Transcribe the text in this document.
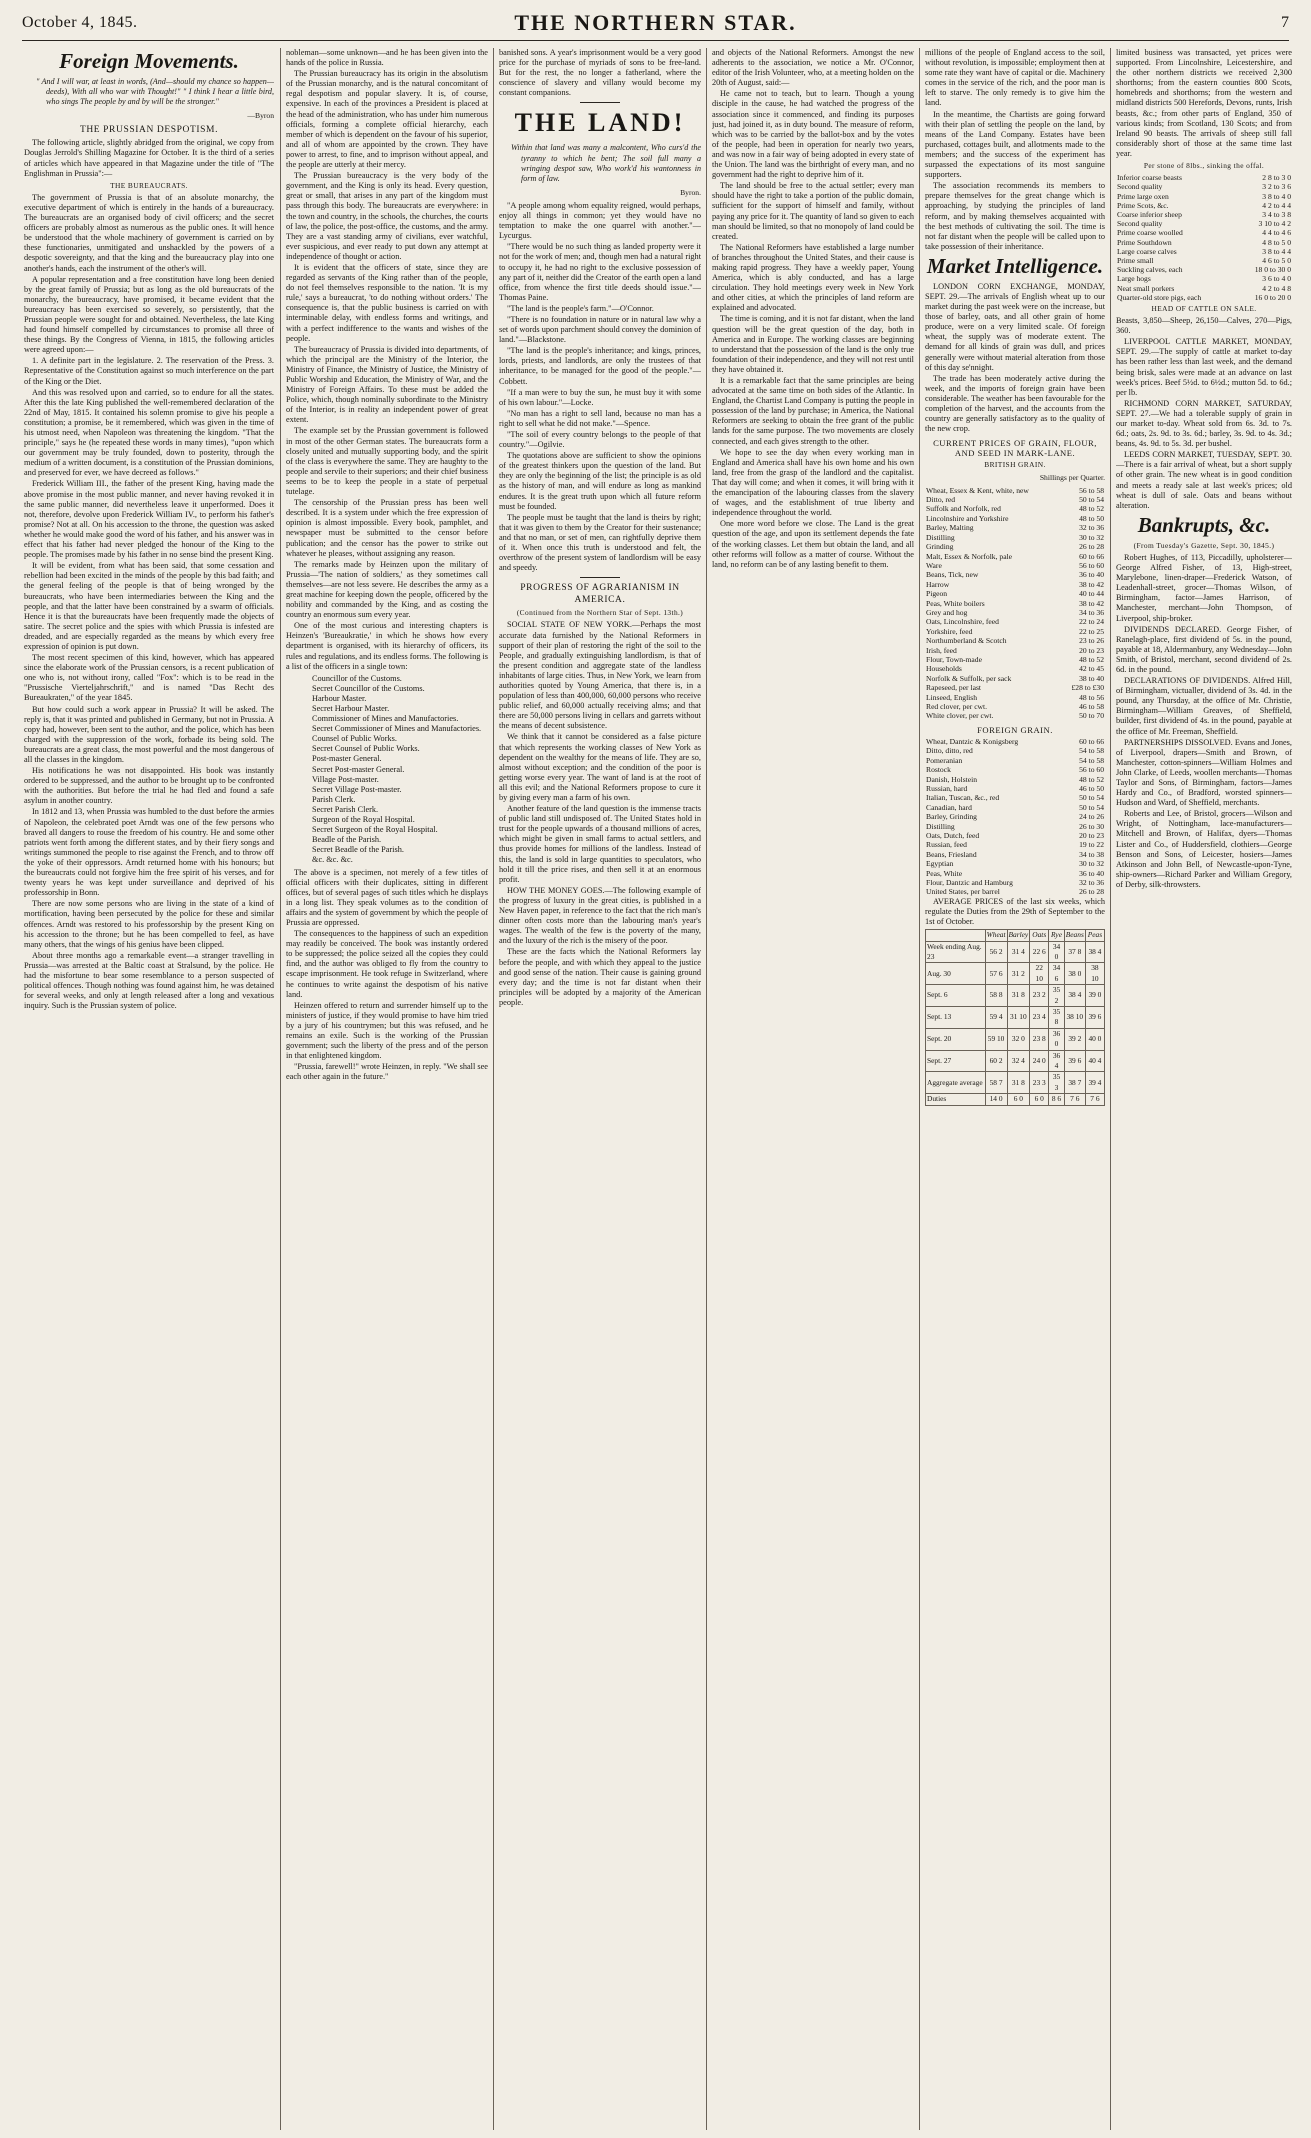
October 4, 1845.	THE NORTHERN STAR.	7
Foreign Movements.
" And I will war, at least in words, (And—should my chance so happen—deeds), With all who war with Thought!" " I think I hear a little bird, who sings The people by and by will be the stronger."
—Byron
THE PRUSSIAN DESPOTISM.

The following article, slightly abridged from the original, we copy from Douglas Jerrold's Shilling Magazine for October. It is the third of a series of articles which have appeared in that Magazine under the title of "The Englishman in Prussia":—

THE BUREAUCRATS.

The government of Prussia is that of an absolute monarchy, the executive department of which is entirely in the hands of a bureaucracy. The bureaucrats are an organised body of civil officers; and the secret officers are probably almost as numerous as the public ones. It will hence be understood that the whole machinery of government is carried on by these functionaries, unmitigated and unshackled by the powers of a despotic sovereignty, and that the king and the bureaucracy play into one another's hands, each the instrument of the other's will.

A popular representation and a free constitution have long been denied by the great family of Prussia; but as long as the old bureaucrats of the monarchy, the bureaucracy, have promised, it became evident that the bureaucracy has been exercised so severely, so persistently, that the Prussian people were sought for and obtained. Nevertheless, the late King had found himself compelled by circumstances to promise all three of these things. By the Congress of Vienna, in 1815, the following articles were agreed upon:—

1. A definite part in the legislature. 2. The reservation of the Press. 3. Representative of the Constitution against so much interference on the part of the King or the Diet.

And this was resolved upon and carried, so to endure for all the states. After this the late King published the well-remembered declaration of the 22nd of May, 1815. It contained his solemn promise to give his people a constitution; a promise, be it remembered, which was given in the time of his utmost need, when Napoleon was threatening the kingdom. "That the principle," says he (he repeated these words in many times), "upon which our government may be truly founded, down to posterity, through the medium of a written document, is a constitution of the Prussian dominions, and preserved for ever, we have decreed as follows."

Frederick William III., the father of the present King, having made the above promise in the most public manner, and never having revoked it in the same public manner, did nevertheless leave it unperformed. Does it not, therefore, devolve upon Frederick William IV., to perform his father's promise? Not at all. On his accession to the throne, the question was asked whether he would make good the word of his father, and his answer was in effect that his father had never pledged the honour of the King to the people. The promises made by his father in no sense bind the present King.

It will be evident, from what has been said, that some cessation and rebellion had been excited in the minds of the people by this bad faith; and the general feeling of the people is that of being wronged by the bureaucrats, who have been intermediaries between the King and the people, and that the latter have been constrained by a swarm of officials. Hence it is that the bureaucrats have been frequently made the objects of satire. The secret police and the spies with which Prussia is infested are dreaded, and are especially regarded as the means by which every free expression of opinion is put down.

The most recent specimen of this kind, however, which has appeared since the elaborate work of the Prussian censors, is a recent publication of one who is, not without irony, called "Fox": which is to be read in the "Prussische Vierteljahrschrift," and is named "Das Recht des Bureaukraten," of the year 1845.

But how could such a work appear in Prussia? It will be asked. The reply is, that it was printed and published in Germany, but not in Prussia. A copy had, however, been sent to the author, and the police, which has been charged with the suppression of the work, forbade its being sold. The bureaucrats are a great class, the most powerful and the most dangerous of all the classes in the kingdom.

His notifications he was not disappointed. His book was instantly ordered to be suppressed, and the author to be brought up to be confronted with the authorities. But before the trial he had fled and found a safe asylum in another country.

In 1812 and 13, when Prussia was humbled to the dust before the armies of Napoleon, the celebrated poet Arndt was one of the few persons who braved all dangers to rouse the freedom of his country. He and some other patriots went forth among the different states, and by their fiery songs and writings summoned the people to rise against the French, and to throw off the yoke of their oppressors. Arndt returned home with his honours; but the bureaucrats could not forgive him the free spirit of his verses, and for twenty years he was kept under surveillance and deprived of his professorship in Bonn.

There are now some persons who are living in the state of a kind of mortification, having been persecuted by the police for these and similar offences. Arndt was restored to his professorship by the present King on his accession to the throne; but he has been compelled to feel, as have many others, that the wings of his genius have been clipped.

About three months ago a remarkable event—a stranger travelling in Prussia—was arrested at the Baltic coast at Stralsund, by the police. He had the misfortune to bear some resemblance to a person suspected of political offences. Though nothing was found against him, he was detained for several weeks, and only at length released after a long and vexatious inquiry. Such is the Prussian system of police.

nobleman—some unknown—and he has been given into the hands of the police in Russia.

The Prussian bureaucracy has its origin in the absolutism of the Prussian monarchy, and is the natural concomitant of regal despotism and popular slavery. It is, of course, expensive. In each of the provinces a President is placed at the head of the administration, who has under him numerous officials, forming a complete official hierarchy, each member of which is dependent on the favour of his superior, and all of whom are appointed by the crown. They have power to arrest, to fine, and to imprison without appeal, and the people are utterly at their mercy.

The Prussian bureaucracy is the very body of the government, and the King is only its head. Every question, great or small, that arises in any part of the kingdom must pass through this body. The bureaucrats are everywhere: in the town and country, in the schools, the churches, the courts of law, the police, the post-office, the customs, and the army. They are a vast standing army of civilians, ever watchful, ever suspicious, and ever ready to put down any attempt at independence of thought or action.

It is evident that the officers of state, since they are regarded as servants of the King rather than of the people, do not feel themselves responsible to the nation. 'It is my rule,' says a bureaucrat, 'to do nothing without orders.' The consequence is, that the public business is carried on with interminable delay, with endless forms and writings, and with a perfect indifference to the wants and wishes of the people.

The bureaucracy of Prussia is divided into departments, of which the principal are the Ministry of the Interior, the Ministry of Finance, the Ministry of Justice, the Ministry of Public Worship and Education, the Ministry of War, and the Ministry of Foreign Affairs. To these must be added the Police, which, though nominally subordinate to the Ministry of the Interior, is in reality an independent power of great extent.

The example set by the Prussian government is followed in most of the other German states. The bureaucrats form a closely united and mutually supporting body, and the spirit of the class is everywhere the same. They are haughty to the people and servile to their superiors; and their chief business seems to be to keep the people in a state of perpetual tutelage.

The censorship of the Prussian press has been well described. It is a system under which the free expression of opinion is almost impossible. Every book, pamphlet, and newspaper must be submitted to the censor before publication; and the censor has the power to strike out whatever he pleases, without assigning any reason.

The remarks made by Heinzen upon the military of Prussia—'The nation of soldiers,' as they sometimes call themselves—are not less severe. He describes the army as a great machine for keeping down the people, officered by the nobility and commanded by the King, and as costing the country an enormous sum every year.

One of the most curious and interesting chapters is Heinzen's 'Bureaukratie,' in which he shows how every department is organised, with its hierarchy of officers, its rules and regulations, and its endless forms. The following is a list of the officers in a single town:

Councillor of the Customs.
Secret Councillor of the Customs.
Harbour Master.
Secret Harbour Master.
Commissioner of Mines and Manufactories.
Secret Commissioner of Mines and Manufactories.
Counsel of Public Works.
Secret Counsel of Public Works.
Post-master General.
Secret Post-master General.
Village Post-master.
Secret Village Post-master.
Parish Clerk.
Secret Parish Clerk.
Surgeon of the Royal Hospital.
Secret Surgeon of the Royal Hospital.
Beadle of the Parish.
Secret Beadle of the Parish.
&c. &c. &c.

The above is a specimen, not merely of a few titles of official officers with their duplicates, sitting in different offices, but of several pages of such titles which he displays in a long list. They speak volumes as to the condition of affairs and the system of government by which the people of Prussia are oppressed.

The consequences to the happiness of such an expedition may readily be conceived. The book was instantly ordered to be suppressed; the police seized all the copies they could find, and the author was obliged to fly from the country to escape imprisonment. He took refuge in Switzerland, where he continues to write against the despotism of his native land.

Heinzen offered to return and surrender himself up to the ministers of justice, if they would promise to have him tried by a jury of his countrymen; but this was refused, and he remains an exile. Such is the working of the Prussian government; such the liberty of the press and of the person in that enlightened kingdom.

"Prussia, farewell!" wrote Heinzen, in reply. "We shall see each other again in the future."

banished sons. A year's imprisonment would be a very good price for the purchase of myriads of sons to be free-land. But for the rest, the no longer a fatherland, where the conscience of slavery and villany would become my constant companions.

THE LAND!
Within that land was many a malcontent, Who curs'd the tyranny to which he bent; The soil full many a wringing despot saw, Who work'd his wantonness in form of law.
Byron.

"A people among whom equality reigned, would perhaps, enjoy all things in common; yet they would have no temptation to make the one quarrel with another."—Lycurgus.

"There would be no such thing as landed property were it not for the work of men; and, though men had a natural right to occupy it, he had no right to the exclusive possession of any part of it, neither did the Creator of the earth open a land office, from whence the first title deeds should issue."—Thomas Paine.

"The land is the people's farm."—O'Connor.

"There is no foundation in nature or in natural law why a set of words upon parchment should convey the dominion of land."—Blackstone.

"The land is the people's inheritance; and kings, princes, lords, priests, and landlords, are only the trustees of that inheritance, to be managed for the good of the people."—Cobbett.

"If a man were to buy the sun, he must buy it with some of his own labour."—Locke.

"No man has a right to sell land, because no man has a right to sell what he did not make."—Spence.

"The soil of every country belongs to the people of that country."—Ogilvie.

The quotations above are sufficient to show the opinions of the greatest thinkers upon the question of the land. But they are only the beginning of the list; the principle is as old as the history of man, and will endure as long as mankind endures. It is the great truth upon which all future reform must be founded.

The people must be taught that the land is theirs by right; that it was given to them by the Creator for their sustenance; and that no man, or set of men, can rightfully deprive them of it. When once this truth is understood and felt, the overthrow of the present system of landlordism will be easy and speedy.

PROGRESS OF AGRARIANISM IN AMERICA.
(Continued from the Northern Star of Sept. 13th.)

SOCIAL STATE OF NEW YORK.—Perhaps the most accurate data furnished by the National Reformers in support of their plan of restoring the right of the soil to the People, and gradually extinguishing landlordism, is that of the present condition and aggregate state of the landless inhabitants of large cities. Thus, in New York, we learn from authorities quoted by Young America, that there is, in a population of less than 400,000, 60,000 persons who receive public relief, and 60,000 actually receiving alms; and that there are 50,000 persons living in cellars and garrets without the means of decent subsistence.

We think that it cannot be considered as a false picture that which represents the working classes of New York as dependent on the wealthy for the means of life. They are so, almost without exception; and the condition of the poor is getting worse every year. The want of land is at the root of all this evil; and the National Reformers propose to cure it by giving every man a farm of his own.

Another feature of the land question is the immense tracts of public land still undisposed of. The United States hold in trust for the people upwards of a thousand millions of acres, which might be given in small farms to actual settlers, and thus provide homes for millions of the landless. Instead of this, the land is sold in large quantities to speculators, who hold it till the price rises, and then sell it at an enormous profit.

HOW THE MONEY GOES.—The following example of the progress of luxury in the great cities, is published in a New Haven paper, in reference to the fact that the rich man's dinner often costs more than the labouring man's year's wages. The wealth of the few is the poverty of the many, and the luxury of the rich is the misery of the poor.

These are the facts which the National Reformers lay before the people, and with which they appeal to the justice and good sense of the nation. Their cause is gaining ground every day; and the time is not far distant when their principles will be adopted by a majority of the American people.

and objects of the National Reformers. Amongst the new adherents to the association, we notice a Mr. O'Connor, editor of the Irish Volunteer, who, at a meeting holden on the 20th of August, said:—

He came not to teach, but to learn. Though a young disciple in the cause, he had watched the progress of the association since it commenced, and finding its purposes just, had joined it, as in duty bound. The measure of reform, which was to be carried by the ballot-box and by the votes of the people, had been in operation for nearly two years, and was now in a fair way of being adopted in every state of the Union. The land was the birthright of every man, and no government had the right to deprive him of it.

The land should be free to the actual settler; every man should have the right to take a portion of the public domain, sufficient for the support of himself and family, without paying any price for it. The quantity of land so given to each man should be limited, so that no monopoly of land could be created.

The National Reformers have established a large number of branches throughout the United States, and their cause is making rapid progress. They have a weekly paper, Young America, which is ably conducted, and has a large circulation. They hold meetings every week in New York and other cities, at which the principles of land reform are explained and advocated.

The time is coming, and it is not far distant, when the land question will be the great question of the day, both in America and in Europe. The working classes are beginning to understand that the possession of the land is the only true foundation of their independence, and they will not rest until they have obtained it.

It is a remarkable fact that the same principles are being advocated at the same time on both sides of the Atlantic. In England, the Chartist Land Company is putting the people in possession of the land by purchase; in America, the National Reformers are seeking to obtain the free grant of the public lands for the same purpose. The two movements are closely connected, and each gives strength to the other.

We hope to see the day when every working man in England and America shall have his own home and his own land, free from the grasp of the landlord and the capitalist. That day will come; and when it comes, it will bring with it the emancipation of the labouring classes from the slavery of wages, and the establishment of true liberty and independence throughout the world.

One more word before we close. The Land is the great question of the age, and upon its settlement depends the fate of the working classes. Let them but obtain the land, and all other reforms will follow as a matter of course. Without the land, no reform can be of any lasting benefit to them.

millions of the people of England access to the soil, without revolution, is impossible; employment then at some rate they want have of capital or die. Machinery comes in the service of the rich, and the poor man is left to starve. The only remedy is to give him the land.

In the meantime, the Chartists are going forward with their plan of settling the people on the land, by means of the Land Company. Estates have been purchased, cottages built, and allotments made to the members; and the success of the experiment has surpassed the expectations of its most sanguine supporters.

The association recommends its members to prepare themselves for the great change which is approaching, by studying the principles of land reform, and by making themselves acquainted with the best methods of cultivating the soil. The time is not far distant when the people will be called upon to take possession of their inheritance.

Market Intelligence.

LONDON CORN EXCHANGE, MONDAY, SEPT. 29.—The arrivals of English wheat up to our market during the past week were on the increase, but those of barley, oats, and all other grain of home produce, were on a very limited scale. Of foreign wheat, the supply was of moderate extent. The demand for all kinds of grain was dull, and prices generally were without material alteration from those of this day se'nnight.

The trade has been moderately active during the week, and the imports of foreign grain have been considerable. The weather has been favourable for the completion of the harvest, and the accounts from the country are generally satisfactory as to the quality of the new crop.

CURRENT PRICES OF GRAIN, FLOUR, AND SEED IN MARK-LANE.
BRITISH GRAIN.
Shillings per Quarter.
Wheat, Essex & Kent, white, new	56 to 58
Ditto, red	50 to 54
Suffolk and Norfolk, red	48 to 52
Lincolnshire and Yorkshire	48 to 50
Barley, Malting	32 to 36
Distilling	30 to 32
Grinding	26 to 28
Malt, Essex & Norfolk, pale	60 to 66
Ware	56 to 60
Beans, Tick, new	36 to 40
Harrow	38 to 42
Pigeon	40 to 44
Peas, White boilers	38 to 42
Grey and hog	34 to 36
Oats, Lincolnshire, feed	22 to 24
Yorkshire, feed	22 to 25
Northumberland & Scotch	23 to 26
Irish, feed	20 to 23
Flour, Town-made	48 to 52
Households	42 to 45
Norfolk & Suffolk, per sack	38 to 40
Rapeseed, per last	£28 to £30
Linseed, English	48 to 56
Red clover, per cwt.	46 to 58
White clover, per cwt.	50 to 70
FOREIGN GRAIN.
Wheat, Dantzic & Konigsberg	60 to 66
Ditto, ditto, red	54 to 58
Pomeranian	54 to 58
Rostock	56 to 60
Danish, Holstein	48 to 52
Russian, hard	46 to 50
Italian, Tuscan, &c., red	50 to 54
Canadian, hard	50 to 54
Barley, Grinding	24 to 26
Distilling	26 to 30
Oats, Dutch, feed	20 to 23
Russian, feed	19 to 22
Beans, Friesland	34 to 38
Egyptian	30 to 32
Peas, White	36 to 40
Flour, Dantzic and Hamburg	32 to 36
United States, per barrel	26 to 28

AVERAGE PRICES of the last six weeks, which regulate the Duties from the 29th of September to the 1st of October.

	Wheat	Barley	Oats	Rye	Beans	Peas
Week ending Aug. 23	56 2	31 4	22 6	34 0	37 8	38 4
Aug. 30	57 6	31 2	22 10	34 6	38 0	38 10
Sept. 6	58 8	31 8	23 2	35 2	38 4	39 0
Sept. 13	59 4	31 10	23 4	35 8	38 10	39 6
Sept. 20	59 10	32 0	23 8	36 0	39 2	40 0
Sept. 27	60 2	32 4	24 0	36 4	39 6	40 4
Aggregate average	58 7	31 8	23 3	35 3	38 7	39 4
Duties	14 0	6 0	6 0	8 6	7 6	7 6

limited business was transacted, yet prices were supported. From Lincolnshire, Leicestershire, and the other northern districts we received 2,300 shorthorns; from the eastern counties 800 Scots, homebreds and shorthorns; from the western and midland districts 500 Herefords, Devons, runts, Irish beasts, &c.; from other parts of England, 350 of various kinds; from Scotland, 130 Scots; and from Ireland 90 beasts. The arrivals of sheep still fall considerably short of those at the same time last year.

Per stone of 8lbs., sinking the offal.
Inferior coarse beasts	2 8 to 3 0
Second quality	3 2 to 3 6
Prime large oxen	3 8 to 4 0
Prime Scots, &c.	4 2 to 4 4
Coarse inferior sheep	3 4 to 3 8
Second quality	3 10 to 4 2
Prime coarse woolled	4 4 to 4 6
Prime Southdown	4 8 to 5 0
Large coarse calves	3 8 to 4 4
Prime small	4 6 to 5 0
Suckling calves, each	18 0 to 30 0
Large hogs	3 6 to 4 0
Neat small porkers	4 2 to 4 8
Quarter-old store pigs, each	16 0 to 20 0
HEAD OF CATTLE ON SALE.

Beasts, 3,850—Sheep, 26,150—Calves, 270—Pigs, 360.

LIVERPOOL CATTLE MARKET, MONDAY, SEPT. 29.—The supply of cattle at market to-day has been rather less than last week, and the demand being brisk, sales were made at an advance on last week's prices. Beef 5½d. to 6½d.; mutton 5d. to 6d.; per lb.

RICHMOND CORN MARKET, SATURDAY, SEPT. 27.—We had a tolerable supply of grain in our market to-day. Wheat sold from 6s. 3d. to 7s. 6d.; oats, 2s. 9d. to 3s. 6d.; barley, 3s. 9d. to 4s. 3d.; beans, 4s. 9d. to 5s. 3d. per bushel.

LEEDS CORN MARKET, TUESDAY, SEPT. 30.—There is a fair arrival of wheat, but a short supply of other grain. The new wheat is in good condition and meets a ready sale at last week's prices; old wheat is dull of sale. Oats and beans without alteration.

Bankrupts, &c.
(From Tuesday's Gazette, Sept. 30, 1845.)

Robert Hughes, of 113, Piccadilly, upholsterer—George Alfred Fisher, of 13, High-street, Marylebone, linen-draper—Frederick Watson, of Leadenhall-street, grocer—Thomas Wilson, of Birmingham, factor—James Harrison, of Manchester, merchant—John Thompson, of Liverpool, ship-broker.

DIVIDENDS DECLARED. George Fisher, of Ranelagh-place, first dividend of 5s. in the pound, payable at 18, Aldermanbury, any Wednesday—John Smith, of Bristol, merchant, second dividend of 2s. 6d. in the pound.

DECLARATIONS OF DIVIDENDS. Alfred Hill, of Birmingham, victualler, dividend of 3s. 4d. in the pound, any Thursday, at the office of Mr. Christie, Birmingham—William Greaves, of Sheffield, builder, first dividend of 4s. in the pound, payable at the office of Mr. Freeman, Sheffield.

PARTNERSHIPS DISSOLVED. Evans and Jones, of Liverpool, drapers—Smith and Brown, of Manchester, cotton-spinners—William Holmes and John Clarke, of Leeds, woollen merchants—Thomas Taylor and Sons, of Birmingham, factors—James Hardy and Co., of Bradford, worsted spinners—Hudson and Ward, of Sheffield, merchants.

Roberts and Lee, of Bristol, grocers—Wilson and Wright, of Nottingham, lace-manufacturers—Mitchell and Brown, of Halifax, dyers—Thomas Lister and Co., of Huddersfield, clothiers—George Benson and Sons, of Leicester, hosiers—James Atkinson and John Bell, of Newcastle-upon-Tyne, ship-owners—Richard Parker and William Gregory, of Derby, silk-throwsters.
